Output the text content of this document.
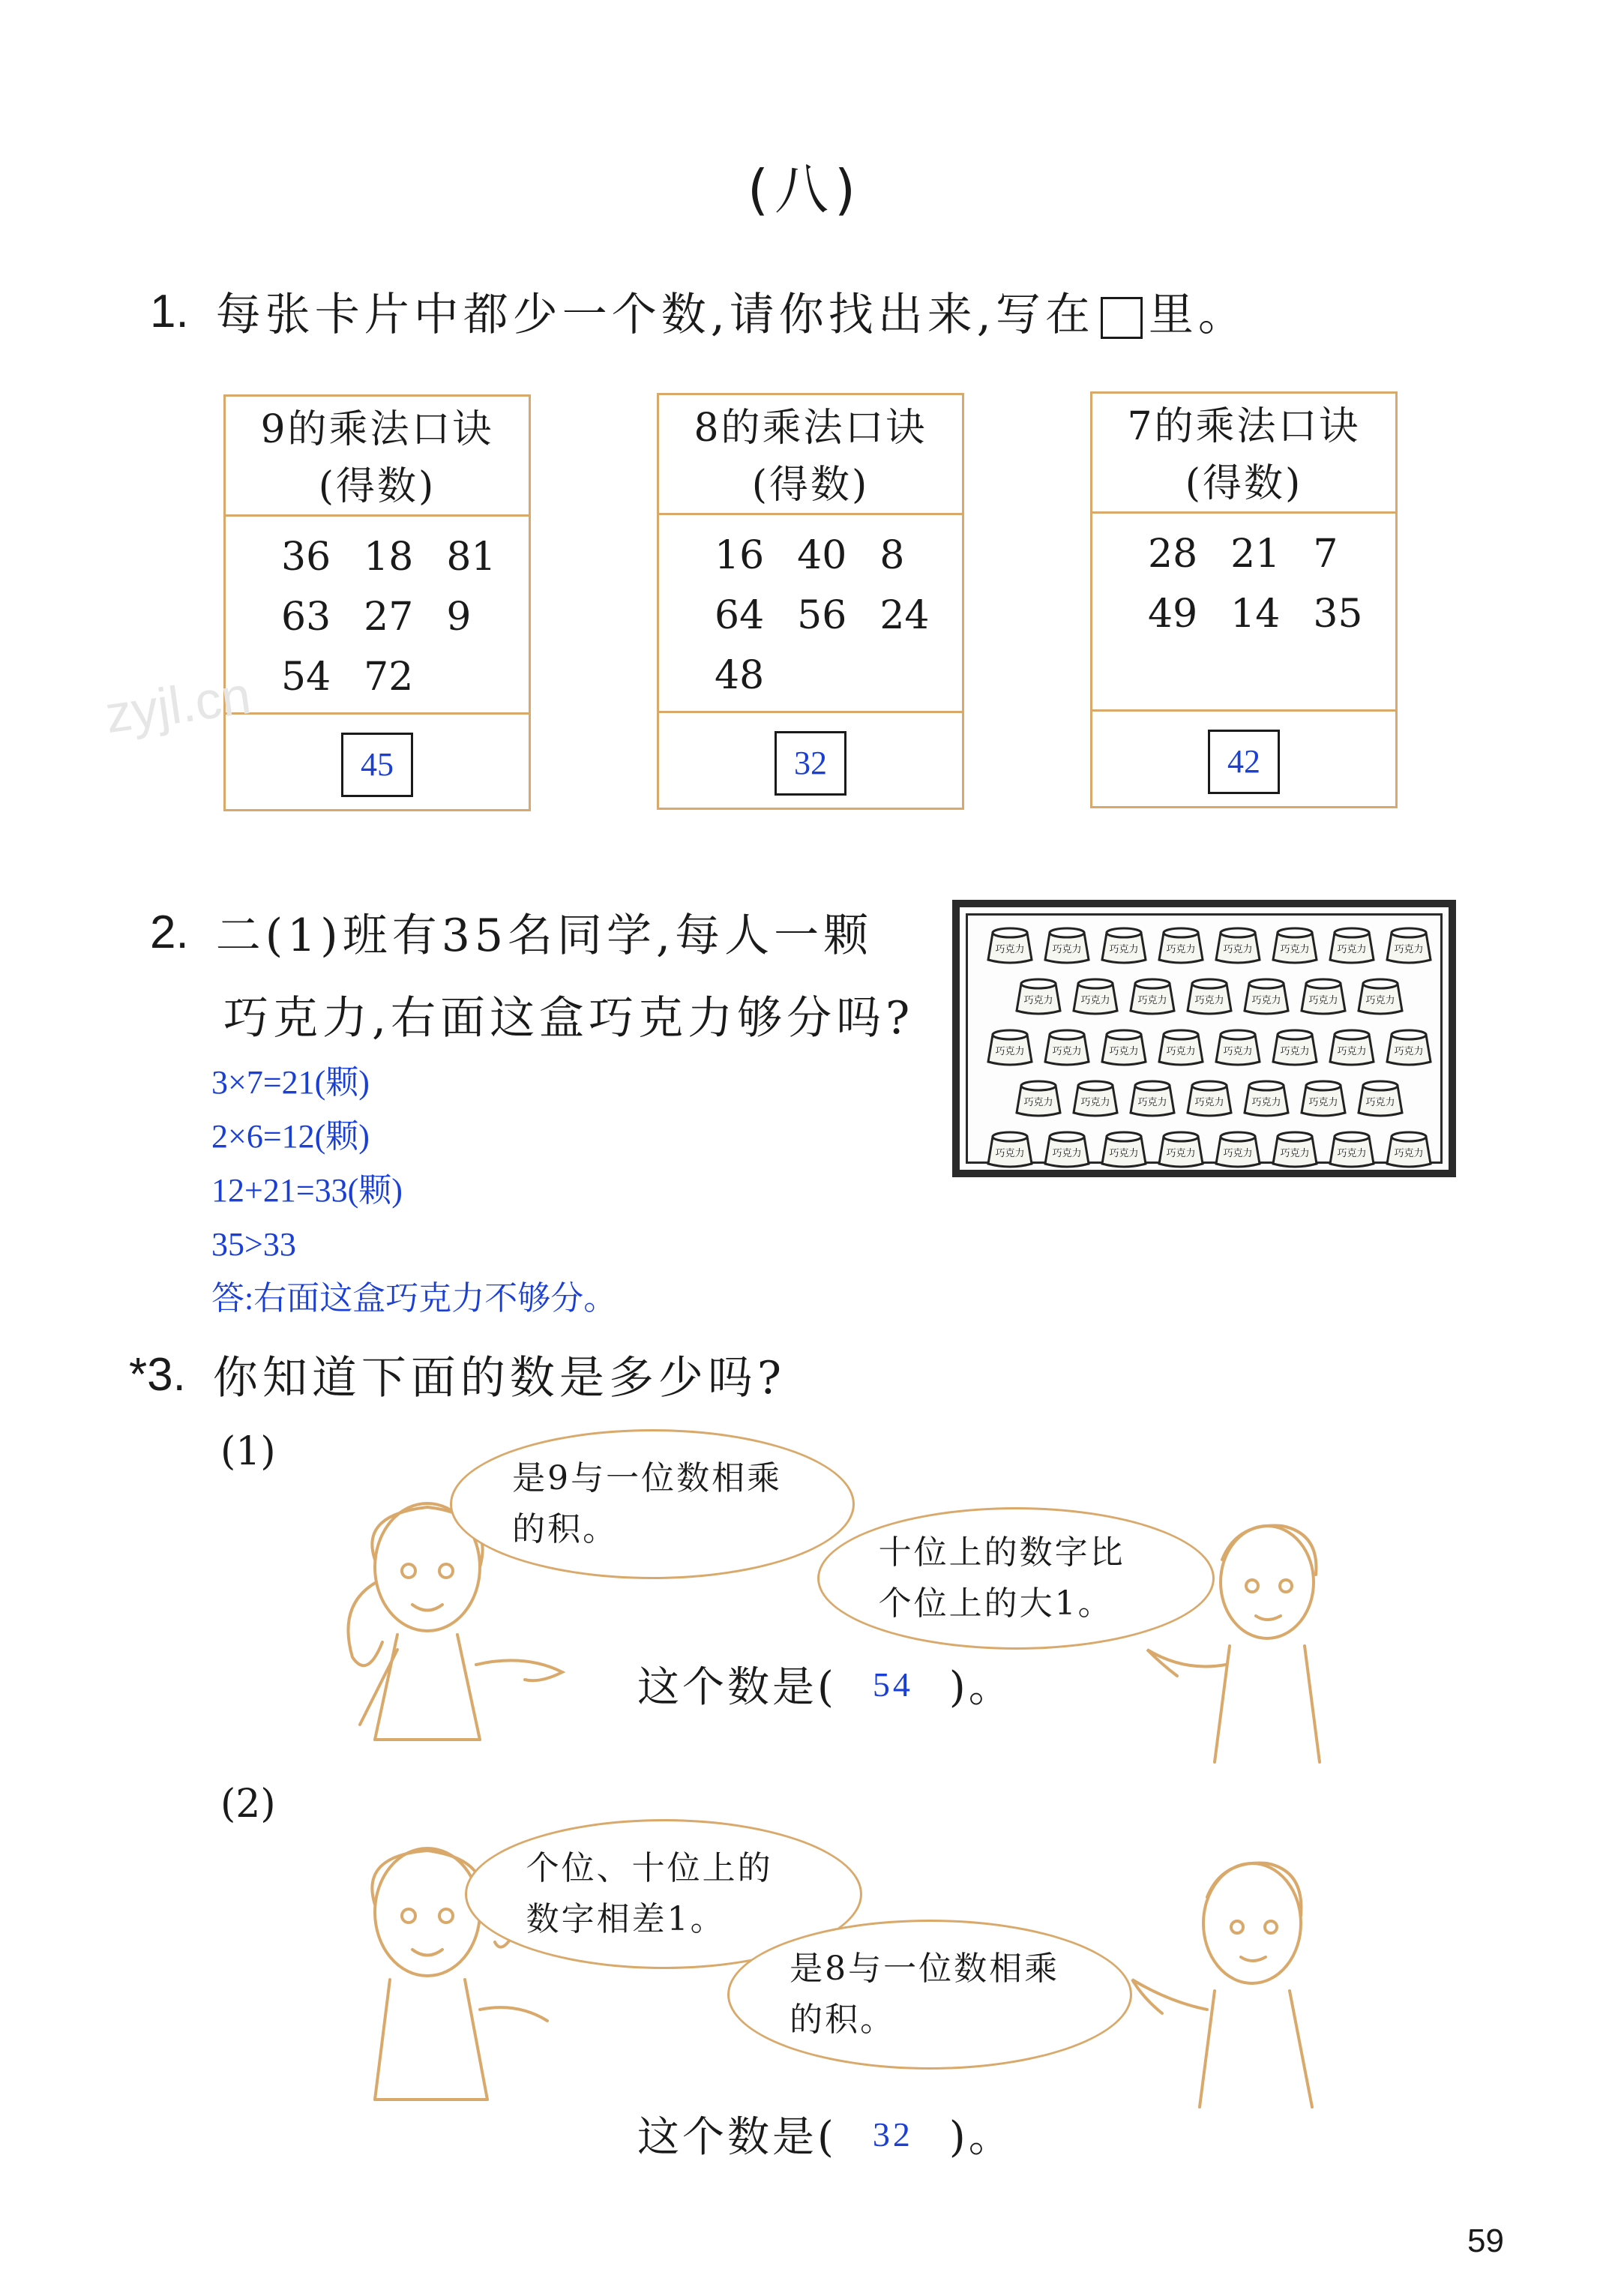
(八)
1. 每张卡片中都少一个数,请你找出来,写在 里。
9的乘法口诀
(得数)
36 18 81
63 27 9
54 72
45
8的乘法口诀
(得数)
16 40 8
64 56 24
48
32
7的乘法口诀
(得数)
28 21 7
49 14 35
42
zyjl.cn
2. 二(1)班有35名同学,每人一颗
巧克力,右面这盒巧克力够分吗?
3×7=21(颗)
2×6=12(颗)
12+21=33(颗)
35>33
答:右面这盒巧克力不够分。
巧克力	巧克力	巧克力	巧克力	巧克力	巧克力	巧克力	巧克力
巧克力	巧克力	巧克力	巧克力	巧克力	巧克力	巧克力
巧克力	巧克力	巧克力	巧克力	巧克力	巧克力	巧克力	巧克力
巧克力	巧克力	巧克力	巧克力	巧克力	巧克力	巧克力
巧克力	巧克力	巧克力	巧克力	巧克力	巧克力	巧克力	巧克力
*3. 你知道下面的数是多少吗?
(1)
是9与一位数相乘的积。
十位上的数字比个位上的大1。
这个数是(	54 )。
(2)
个位、十位上的数字相差1。
是8与一位数相乘的积。
这个数是(	32 )。
59
